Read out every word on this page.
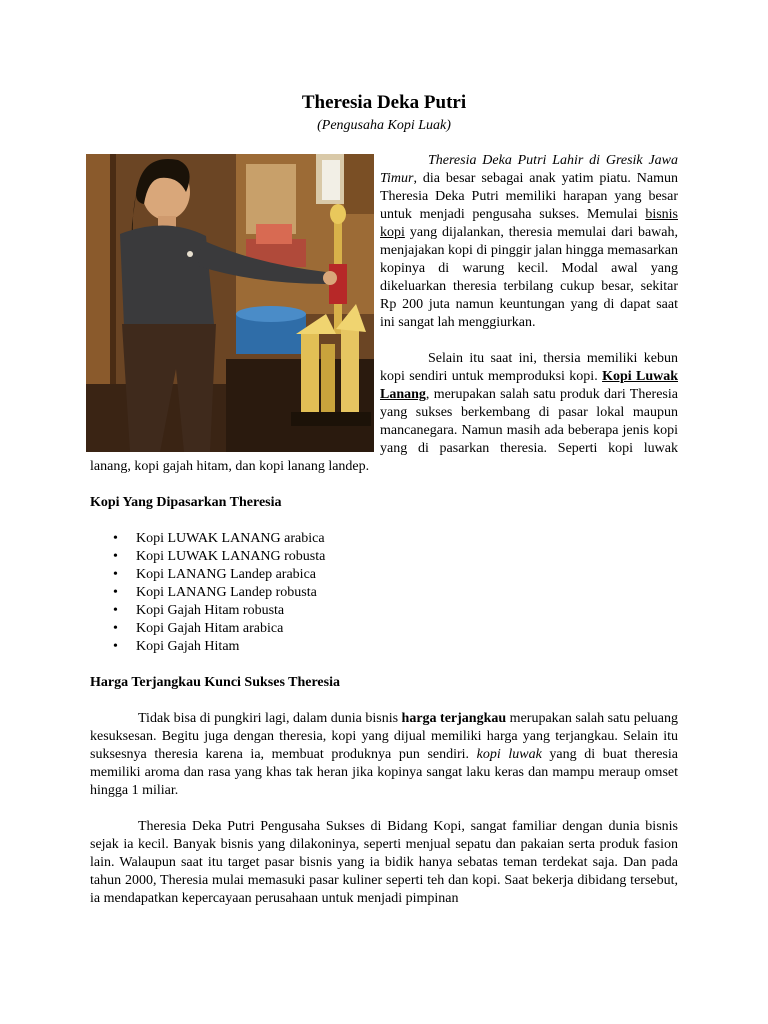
Theresia Deka Putri
(Pengusaha Kopi Luak)

Theresia Deka Putri Lahir di Gresik Jawa Timur, dia besar sebagai anak yatim piatu. Namun Theresia Deka Putri memiliki harapan yang besar untuk menjadi pengusaha sukses. Memulai bisnis kopi yang dijalankan, theresia memulai dari bawah, menjajakan kopi di pinggir jalan hingga memasarkan kopinya di warung kecil. Modal awal yang dikeluarkan theresia terbilang cukup besar, sekitar Rp 200 juta namun keuntungan yang di dapat saat ini sangat lah menggiurkan.

Selain itu saat ini, thersia memiliki kebun kopi sendiri untuk memproduksi kopi. Kopi Luwak Lanang, merupakan salah satu produk dari Theresia yang sukses berkembang di pasar lokal maupun mancanegara. Namun masih ada beberapa jenis kopi yang di pasarkan theresia. Seperti kopi luwak lanang, kopi gajah hitam, dan kopi lanang landep.

Kopi Yang Dipasarkan Theresia

• Kopi LUWAK LANANG arabica
• Kopi LUWAK LANANG robusta
• Kopi LANANG Landep arabica
• Kopi LANANG Landep robusta
• Kopi Gajah Hitam robusta
• Kopi Gajah Hitam arabica
• Kopi Gajah Hitam

Harga Terjangkau Kunci Sukses Theresia

Tidak bisa di pungkiri lagi, dalam dunia bisnis harga terjangkau merupakan salah satu peluang kesuksesan. Begitu juga dengan theresia, kopi yang dijual memiliki harga yang terjangkau. Selain itu suksesnya theresia karena ia, membuat produknya pun sendiri. kopi luwak yang di buat theresia memiliki aroma dan rasa yang khas tak heran jika kopinya sangat laku keras dan mampu meraup omset hingga 1 miliar.

Theresia Deka Putri Pengusaha Sukses di Bidang Kopi, sangat familiar dengan dunia bisnis sejak ia kecil. Banyak bisnis yang dilakoninya, seperti menjual sepatu dan pakaian serta produk fasion lain. Walaupun saat itu target pasar bisnis yang ia bidik hanya sebatas teman terdekat saja. Dan pada tahun 2000, Theresia mulai memasuki pasar kuliner seperti teh dan kopi. Saat bekerja dibidang tersebut, ia mendapatkan kepercayaan perusahaan untuk menjadi pimpinan
